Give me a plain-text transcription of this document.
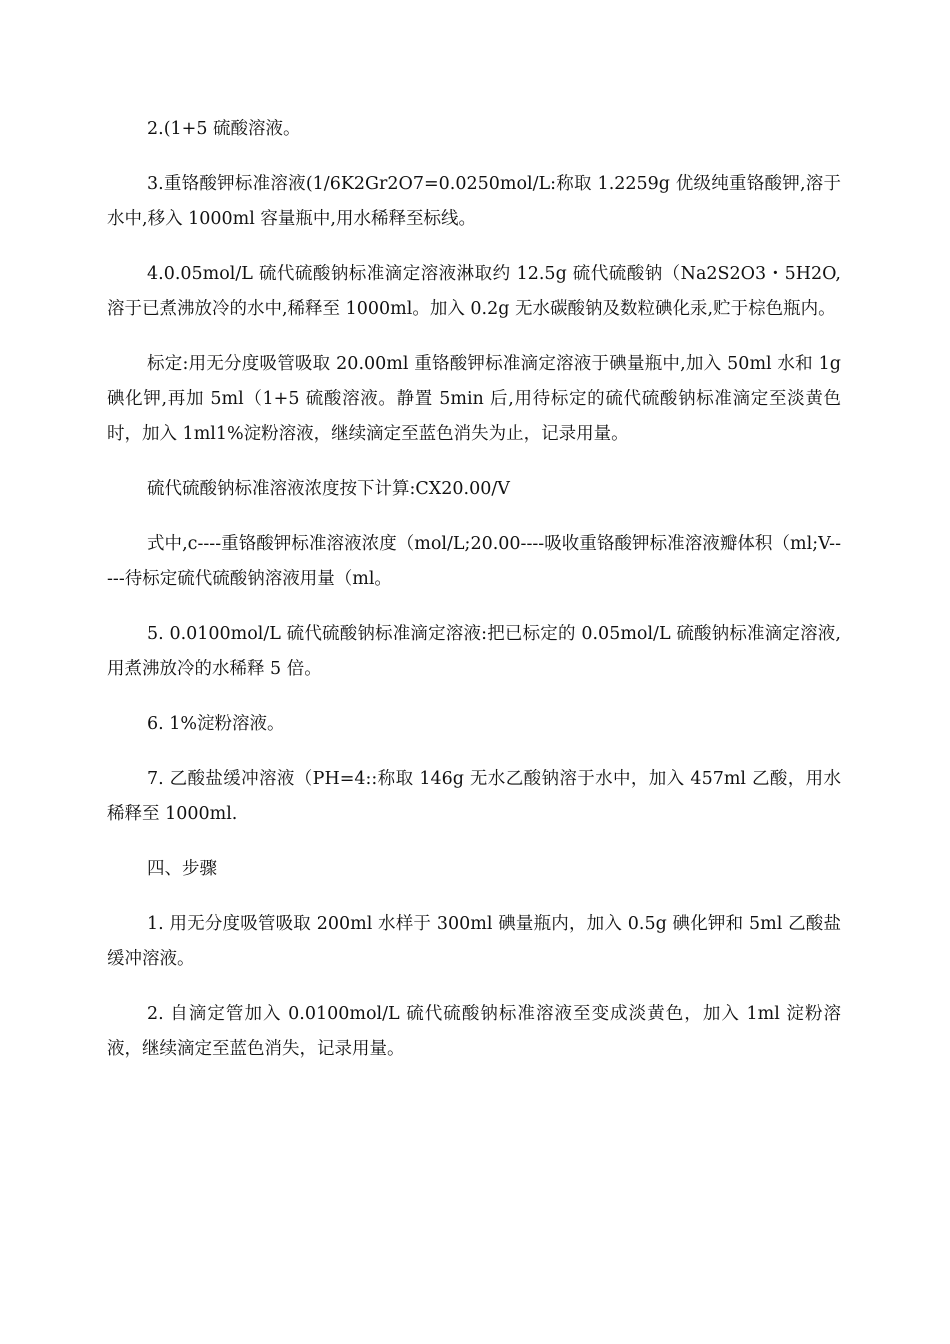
2.(1+5 硫酸溶液。

3.重铬酸钾标准溶液(1/6K2Gr2O7=0.0250mol/L:称取 1.2259g 优级纯重铬酸钾,溶于水中,移入 1000ml 容量瓶中,用水稀释至标线。

4.0.05mol/L 硫代硫酸钠标准滴定溶液淋取约 12.5g 硫代硫酸钠（Na2S2O3・5H2O,溶于已煮沸放冷的水中,稀释至 1000ml。加入 0.2g 无水碳酸钠及数粒碘化汞,贮于棕色瓶内。

标定:用无分度吸管吸取 20.00ml 重铬酸钾标准滴定溶液于碘量瓶中,加入 50ml 水和 1g 碘化钾,再加 5ml（1+5 硫酸溶液。静置 5min 后,用待标定的硫代硫酸钠标准滴定至淡黄色时，加入 1ml1%淀粉溶液，继续滴定至蓝色消失为止，记录用量。

硫代硫酸钠标准溶液浓度按下计算:CX20.00/V

式中,c----重铬酸钾标准溶液浓度（mol/L;20.00----吸收重铬酸钾标准溶液瓣体积（ml;V-----待标定硫代硫酸钠溶液用量（ml。

5. 0.0100mol/L 硫代硫酸钠标准滴定溶液:把已标定的 0.05mol/L 硫酸钠标准滴定溶液,用煮沸放冷的水稀释 5 倍。

6. 1%淀粉溶液。

7. 乙酸盐缓冲溶液（PH=4::称取 146g 无水乙酸钠溶于水中，加入 457ml 乙酸，用水稀释至 1000ml.

四、步骤

1. 用无分度吸管吸取 200ml 水样于 300ml 碘量瓶内，加入 0.5g 碘化钾和 5ml 乙酸盐缓冲溶液。

2. 自滴定管加入 0.0100mol/L 硫代硫酸钠标准溶液至变成淡黄色，加入 1ml 淀粉溶液，继续滴定至蓝色消失，记录用量。
